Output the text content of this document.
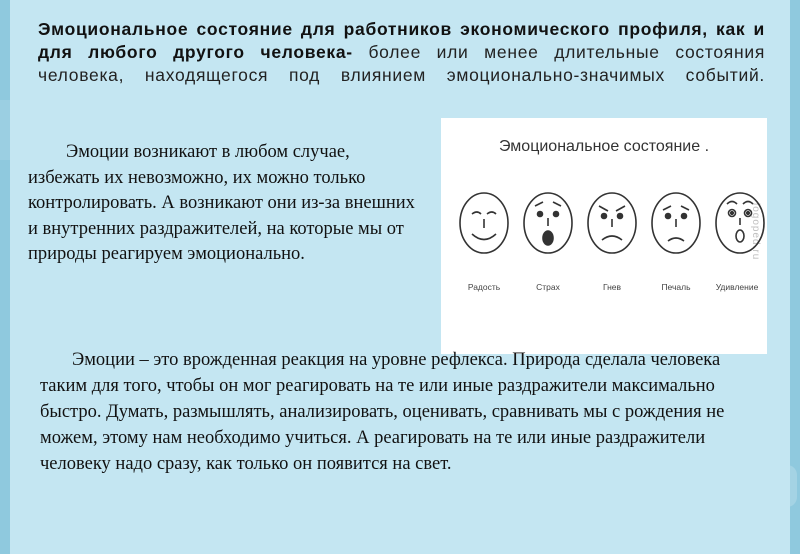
Эмоциональное состояние для работников экономического профиля, как и для любого другого человека- более или менее длительные состояния человека, находящегося под влиянием эмоционально-значимых событий.

Эмоции возникают в любом случае, избежать их невозможно, их можно только контролировать. А возникают они из-за внешних и внутренних раздражителей, на которые мы от природы реагируем эмоционально.

Эмоциональное состояние .
logoped.ru
Радость	Страх	Гнев	Печаль	Удивление

Эмоции – это врожденная реакция на уровне рефлекса. Природа сделала человека таким для того, чтобы он мог реагировать на те или иные раздражители максимально быстро. Думать, размышлять, анализировать, оценивать, сравнивать мы с рождения не можем, этому нам необходимо учиться. А реагировать на те или иные раздражители человеку надо сразу, как только он появится на свет.
